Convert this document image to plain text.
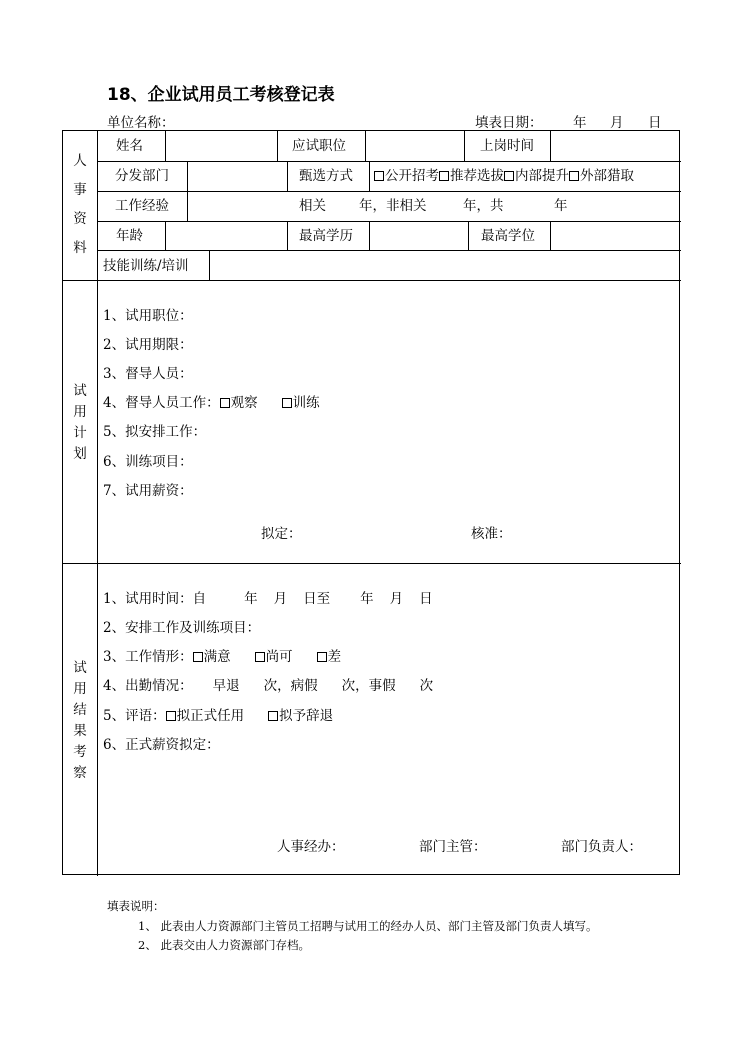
18、企业试用员工考核登记表
单位名称：	填表日期： 年 月 日
人
事
资
料
试
用
计
划
试
用
结
果
考
察
姓名	应试职位	上岗时间
分发部门	甄选方式	公开招考 推荐选拔 内部提升 外部猎取
工作经验	相关 年，非相关	年，共	年
年龄	最高学历	最高学位
技能训练/培训
1、试用职位：
2、试用期限：
3、督导人员：
4、督导人员工作： 观察	训练
5、拟安排工作：
6、训练项目：
7、试用薪资：
拟定：	核准：
1、试用时间：自	年 月 日至 年 月 日
2、安排工作及训练项目：
3、工作情形： 满意	尚可	差
4、出勤情况： 早退 次，病假 次，事假 次
5、评语： 拟正式任用	拟予辞退
6、正式薪资拟定：
人事经办：	部门主管：	部门负责人：
填表说明：
1、 此表由人力资源部门主管员工招聘与试用工的经办人员、部门主管及部门负责人填写。
2、 此表交由人力资源部门存档。
